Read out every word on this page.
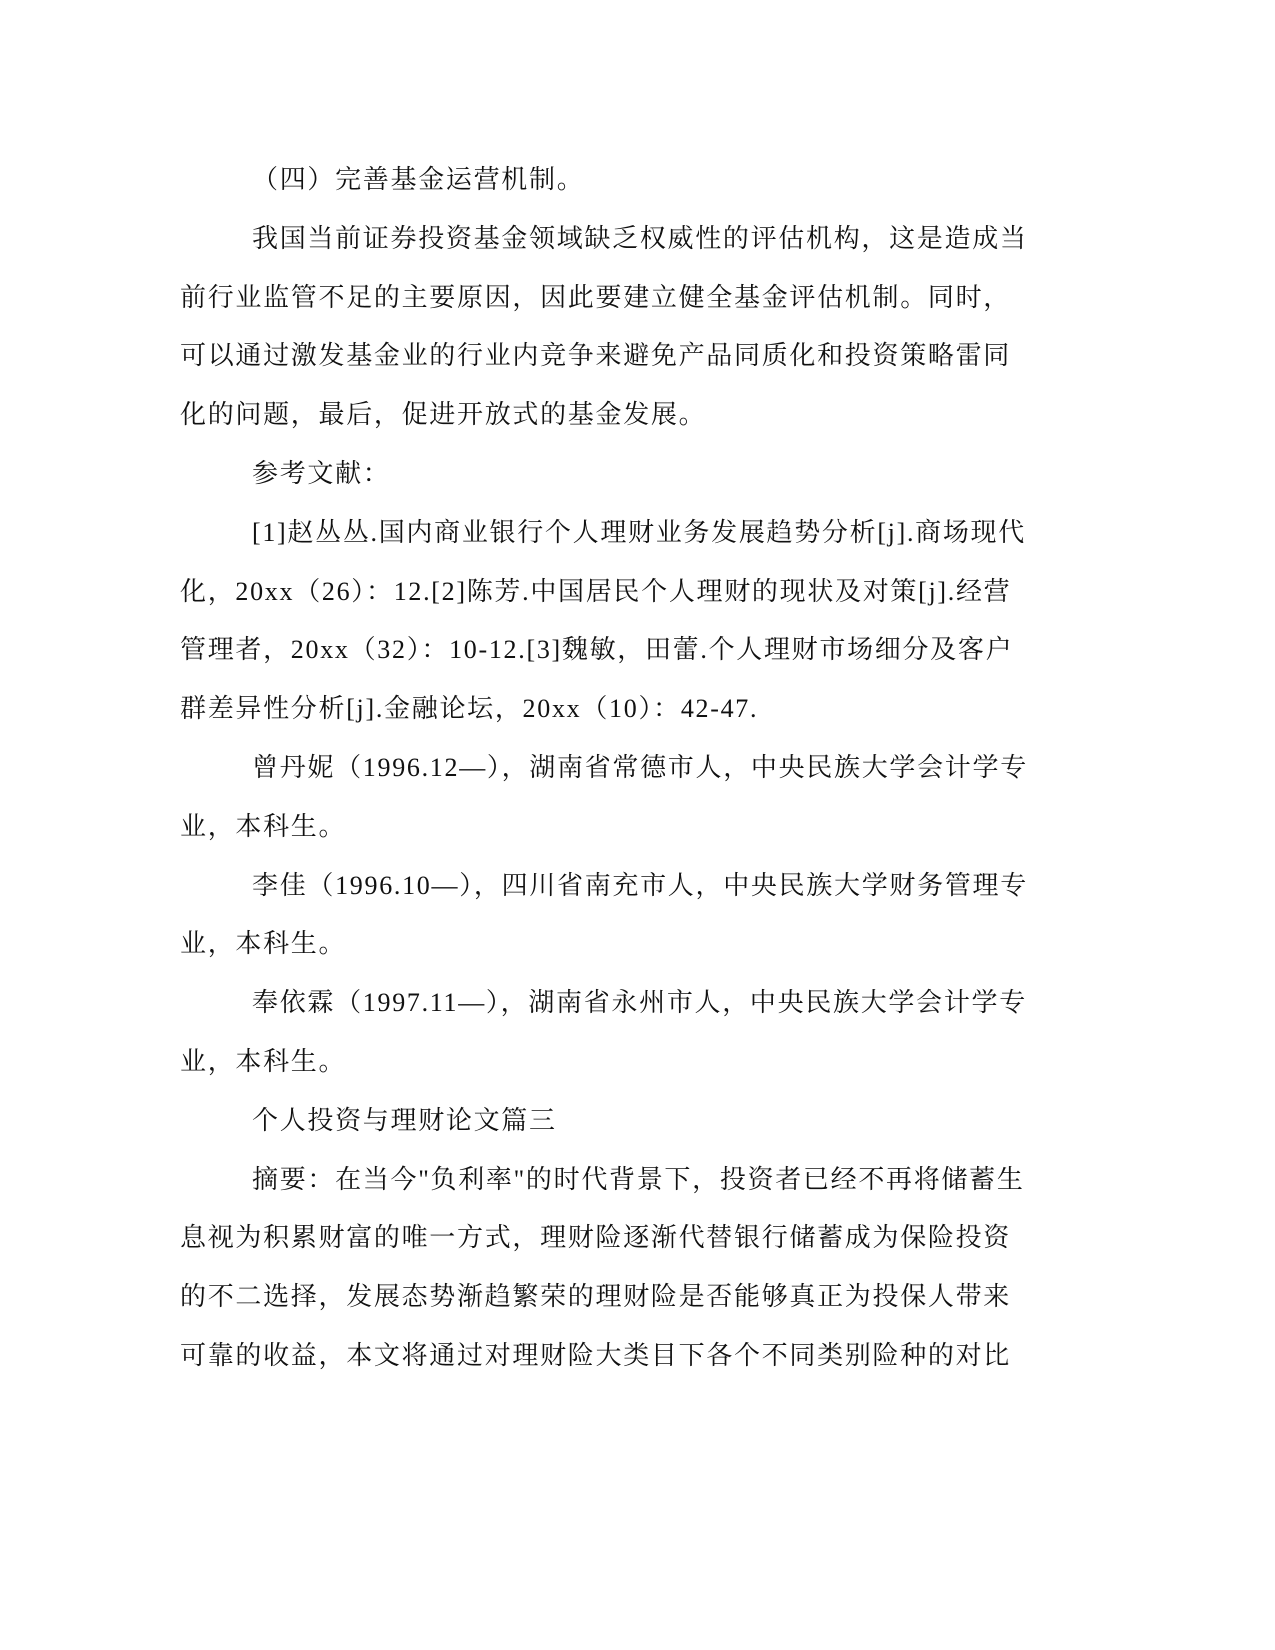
（四）完善基金运营机制。
我国当前证券投资基金领域缺乏权威性的评估机构，这是造成当
前行业监管不足的主要原因，因此要建立健全基金评估机制。同时，
可以通过激发基金业的行业内竞争来避免产品同质化和投资策略雷同
化的问题，最后，促进开放式的基金发展。
参考文献：
[1]赵丛丛.国内商业银行个人理财业务发展趋势分析[j].商场现代
化，20xx（26）：12.[2]陈芳.中国居民个人理财的现状及对策[j].经营
管理者，20xx（32）：10-12.[3]魏敏，田蕾.个人理财市场细分及客户
群差异性分析[j].金融论坛，20xx（10）：42-47.
曾丹妮（1996.12—），湖南省常德市人，中央民族大学会计学专
业，本科生。
李佳（1996.10—），四川省南充市人，中央民族大学财务管理专
业，本科生。
奉依霖（1997.11—），湖南省永州市人，中央民族大学会计学专
业，本科生。
个人投资与理财论文篇三
摘要：在当今"负利率"的时代背景下，投资者已经不再将储蓄生
息视为积累财富的唯一方式，理财险逐渐代替银行储蓄成为保险投资
的不二选择，发展态势渐趋繁荣的理财险是否能够真正为投保人带来
可靠的收益，本文将通过对理财险大类目下各个不同类别险种的对比
